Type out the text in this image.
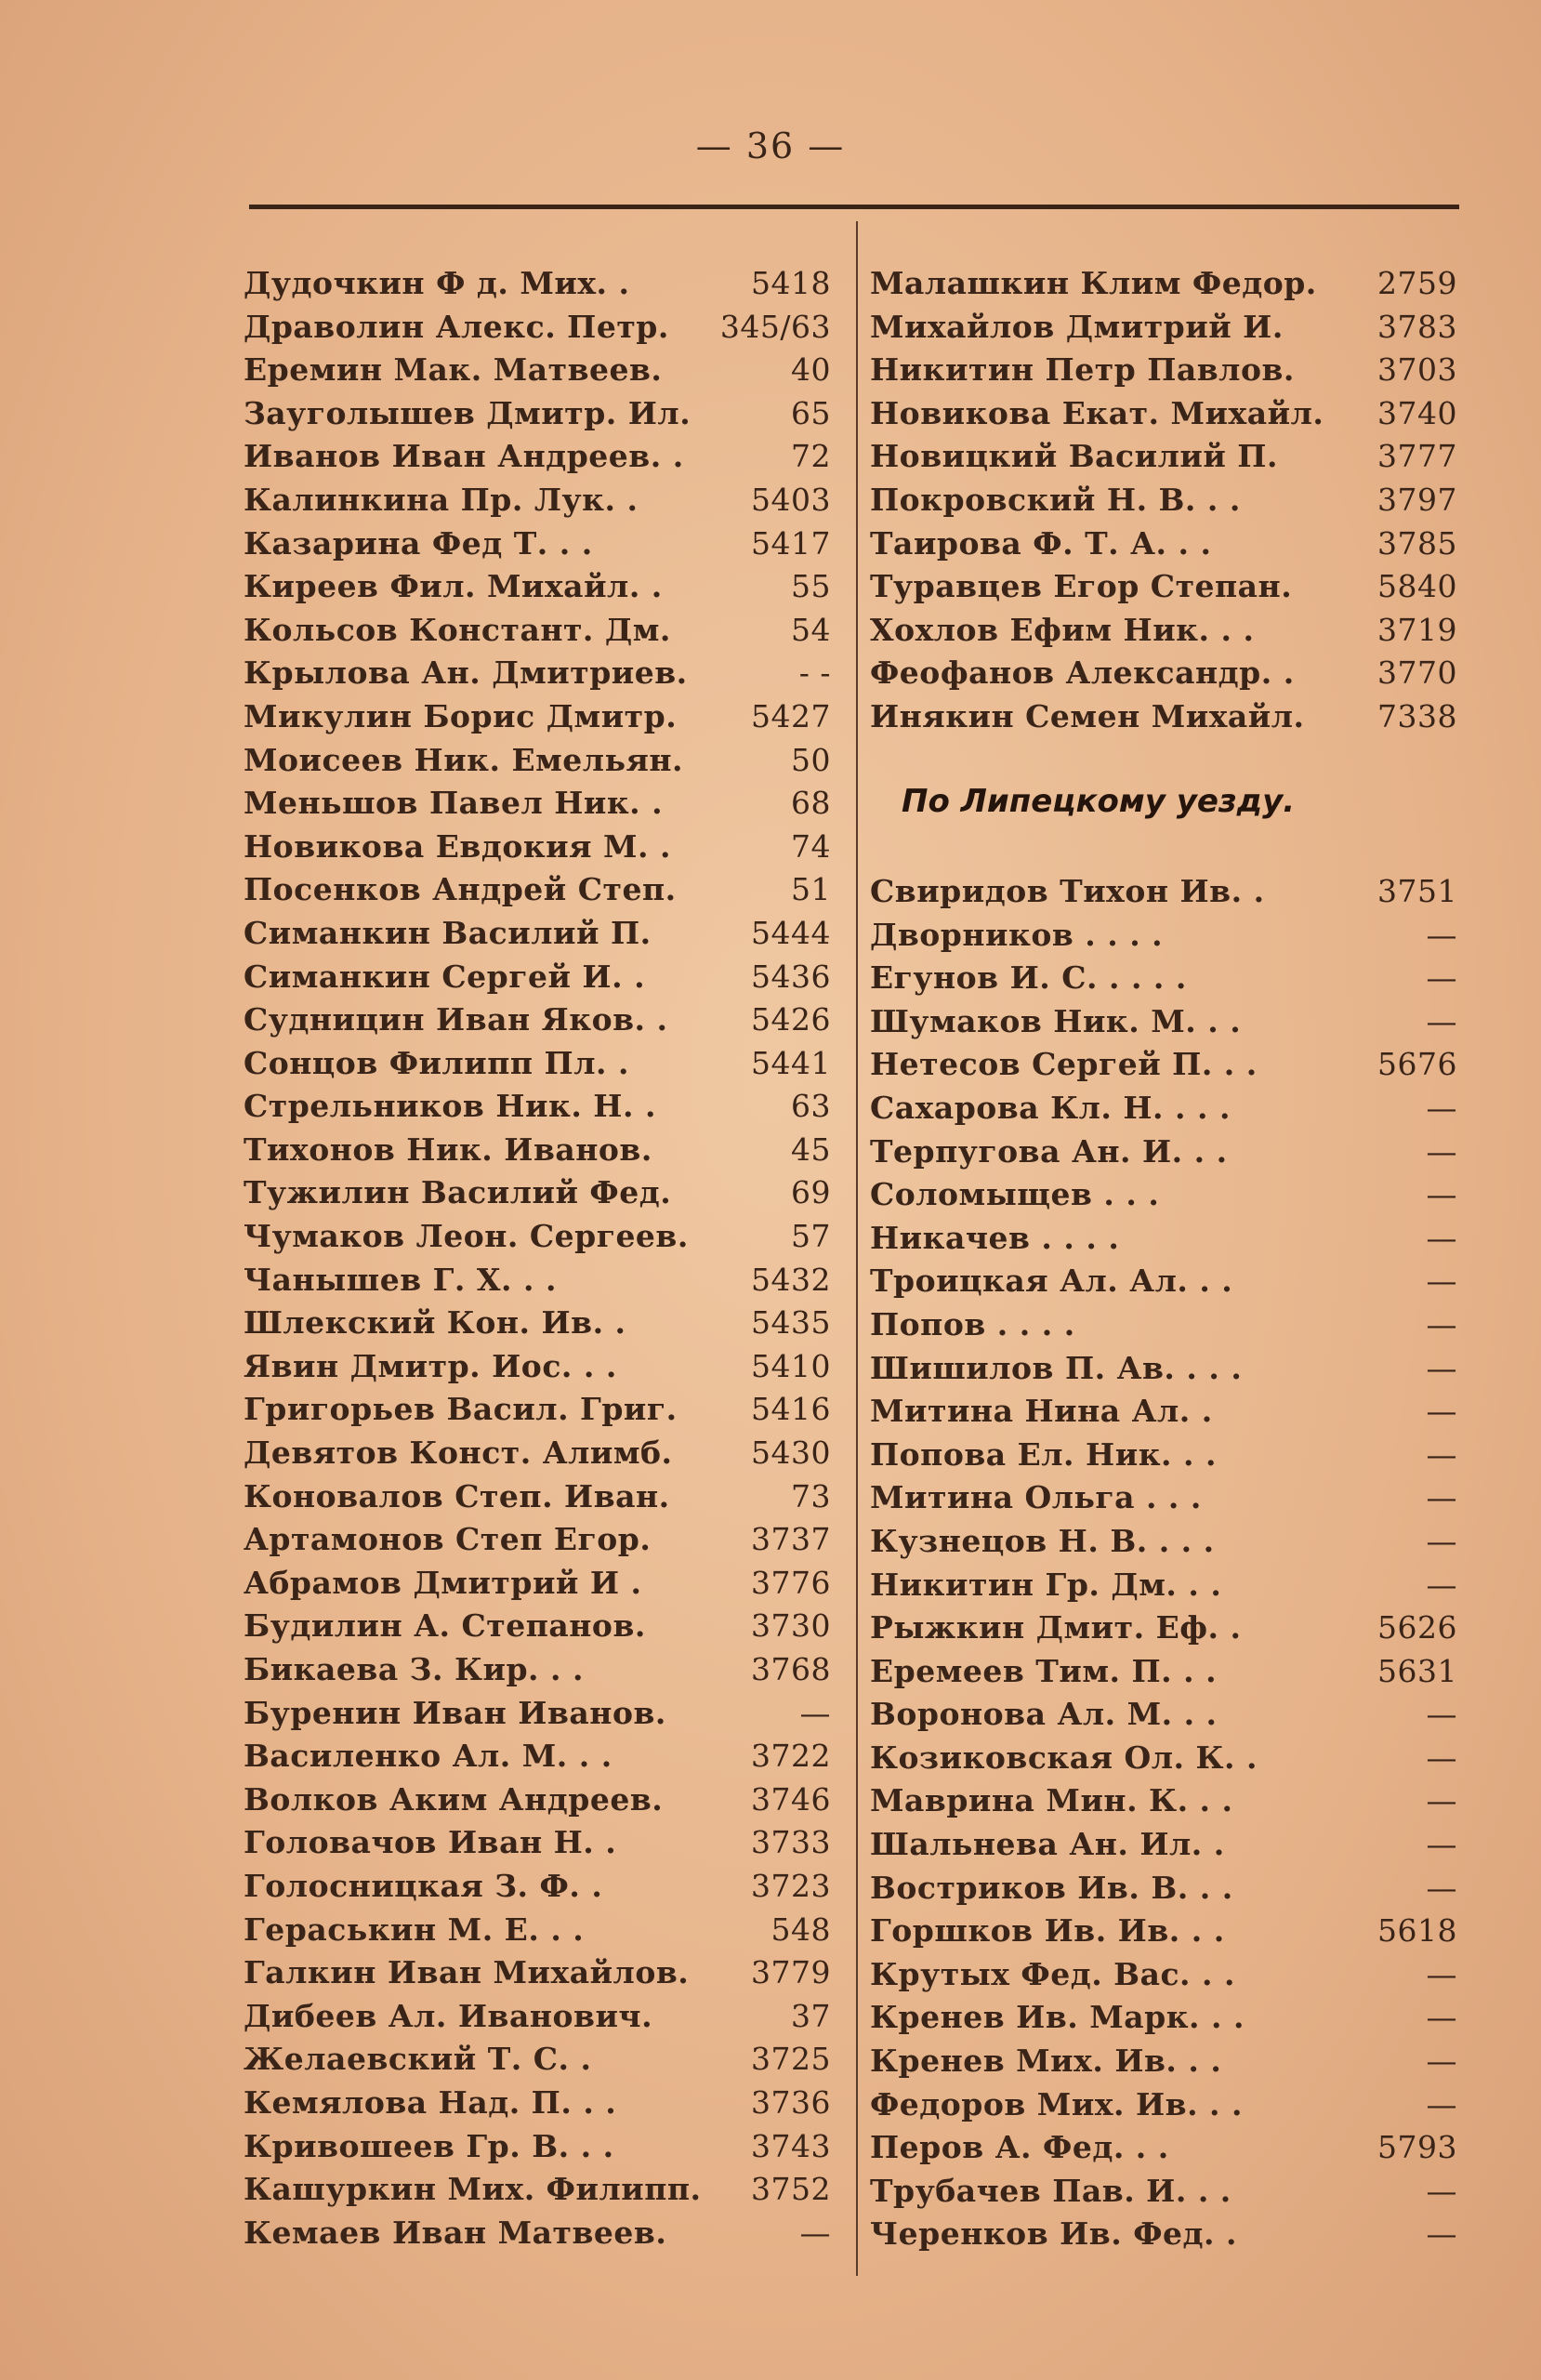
— 36 —
Дудочкин Ф д. Мих. .	5418
Драволин Алекс. Петр.	345/63
Еремин Мак. Матвеев.	40
Зауголышев Дмитр. Ил.	65
Иванов Иван Андреев. .	72
Калинкина Пр. Лук. .	5403
Казарина Фед Т. . .	5417
Киреев Фил. Михайл. .	55
Кольсов Констант. Дм.	54
Крылова Ан. Дмитриев.	- -
Микулин Борис Дмитр.	5427
Моисеев Ник. Емельян.	50
Меньшов Павел Ник. .	68
Новикова Евдокия М. .	74
Посенков Андрей Степ.	51
Симанкин Василий П.	5444
Симанкин Сергей И. .	5436
Судницин Иван Яков. .	5426
Сонцов Филипп Пл. .	5441
Стрельников Ник. Н. .	63
Тихонов Ник. Иванов.	45
Тужилин Василий Фед.	69
Чумаков Леон. Сергеев.	57
Чанышев Г. Х. . .	5432
Шлекский Кон. Ив. .	5435
Явин Дмитр. Иос. . .	5410
Григорьев Васил. Григ.	5416
Девятов Конст. Алимб.	5430
Коновалов Степ. Иван.	73
Артамонов Степ Егор.	3737
Абрамов Дмитрий И .	3776
Будилин А. Степанов.	3730
Бикаева З. Кир. . .	3768
Буренин Иван Иванов.	—
Василенко Ал. М. . .	3722
Волков Аким Андреев.	3746
Головачов Иван Н. .	3733
Голосницкая З. Ф. .	3723
Гераськин М. Е. . .	548
Галкин Иван Михайлов.	3779
Дибеев Ал. Иванович.	37
Желаевский Т. С. .	3725
Кемялова Над. П. . .	3736
Кривошеев Гр. В. . .	3743
Кашуркин Мих. Филипп.	3752
Кемаев Иван Матвеев.	—
Малашкин Клим Федор.	2759
Михайлов Дмитрий И.	3783
Никитин Петр Павлов.	3703
Новикова Екат. Михайл.	3740
Новицкий Василий П.	3777
Покровский Н. В. . .	3797
Таирова Ф. Т. А. . .	3785
Туравцев Егор Степан.	5840
Хохлов Ефим Ник. . .	3719
Феофанов Александр. .	3770
Инякин Семен Михайл.	7338
По Липецкому уезду.
Свиридов Тихон Ив. .	3751
Дворников . . . .	—
Егунов И. С. . . . .	—
Шумаков Ник. М. . .	—
Нетесов Сергей П. . .	5676
Сахарова Кл. Н. . . .	—
Терпугова Ан. И. . .	—
Соломыщев . . .	—
Никачев . . . .	—
Троицкая Ал. Ал. . .	—
Попов . . . .	—
Шишилов П. Ав. . . .	—
Митина Нина Ал. .	—
Попова Ел. Ник. . .	—
Митина Ольга . . .	—
Кузнецов Н. В. . . .	—
Никитин Гр. Дм. . .	—
Рыжкин Дмит. Еф. .	5626
Еремеев Тим. П. . .	5631
Воронова Ал. М. . .	—
Козиковская Ол. К. .	—
Маврина Мин. К. . .	—
Шальнева Ан. Ил. .	—
Востриков Ив. В. . .	—
Горшков Ив. Ив. . .	5618
Крутых Фед. Вас. . .	—
Кренев Ив. Марк. . .	—
Кренев Мих. Ив. . .	—
Федоров Мих. Ив. . .	—
Перов А. Фед. . .	5793
Трубачев Пав. И. . .	—
Черенков Ив. Фед. .	—
